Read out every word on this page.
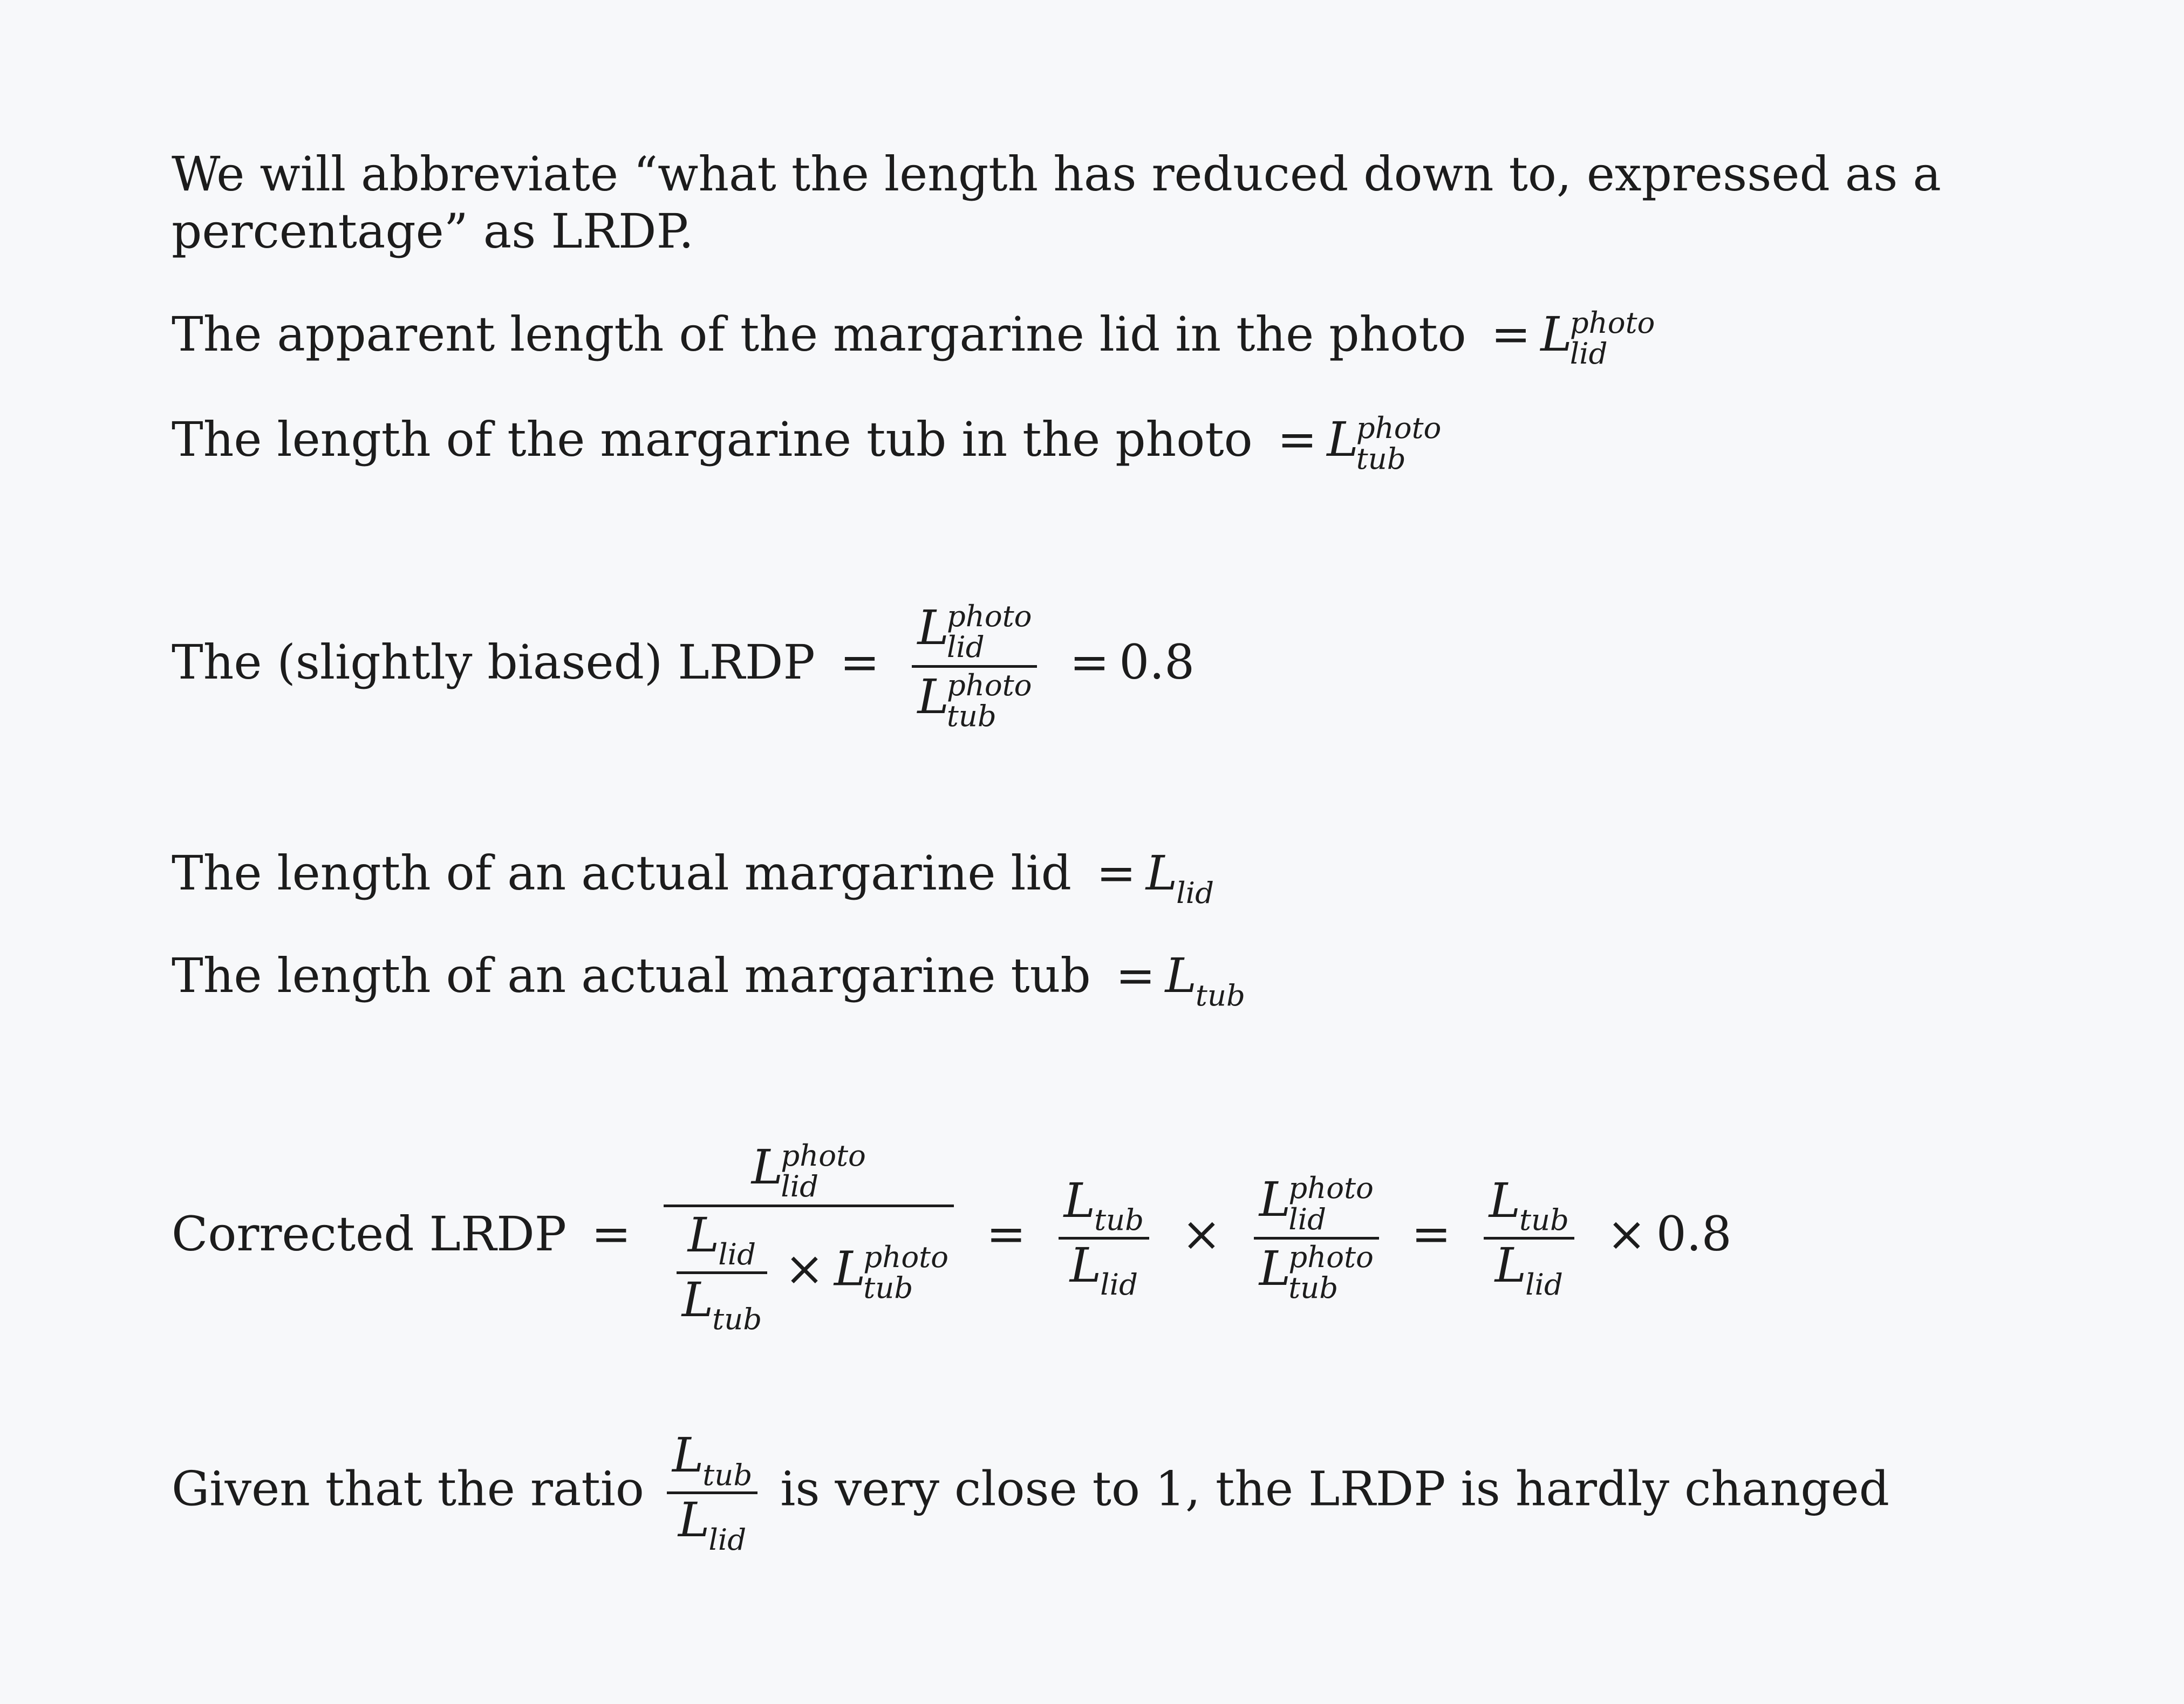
We will abbreviate “what the length has reduced down to, expressed as a percentage” as LRDP.
The apparent length of the margarine lid in the photo = L
photo
lid
The length of the margarine tub in the photo = L
photo
tub
The (slightly biased) LRDP =
L
photo
lid
L
photo
tub
= 0.8
The length of an actual margarine lid = Llid
The length of an actual margarine tub = Ltub
Corrected LRDP =
L
photo
lid
Llid
Ltub
× L
photo
tub
=
Ltub
Llid
×
L
photo
lid
L
photo
tub
=
Ltub
Llid
× 0.8
Given that the ratio
Ltub
Llid
is very close to 1, the LRDP is hardly changed
